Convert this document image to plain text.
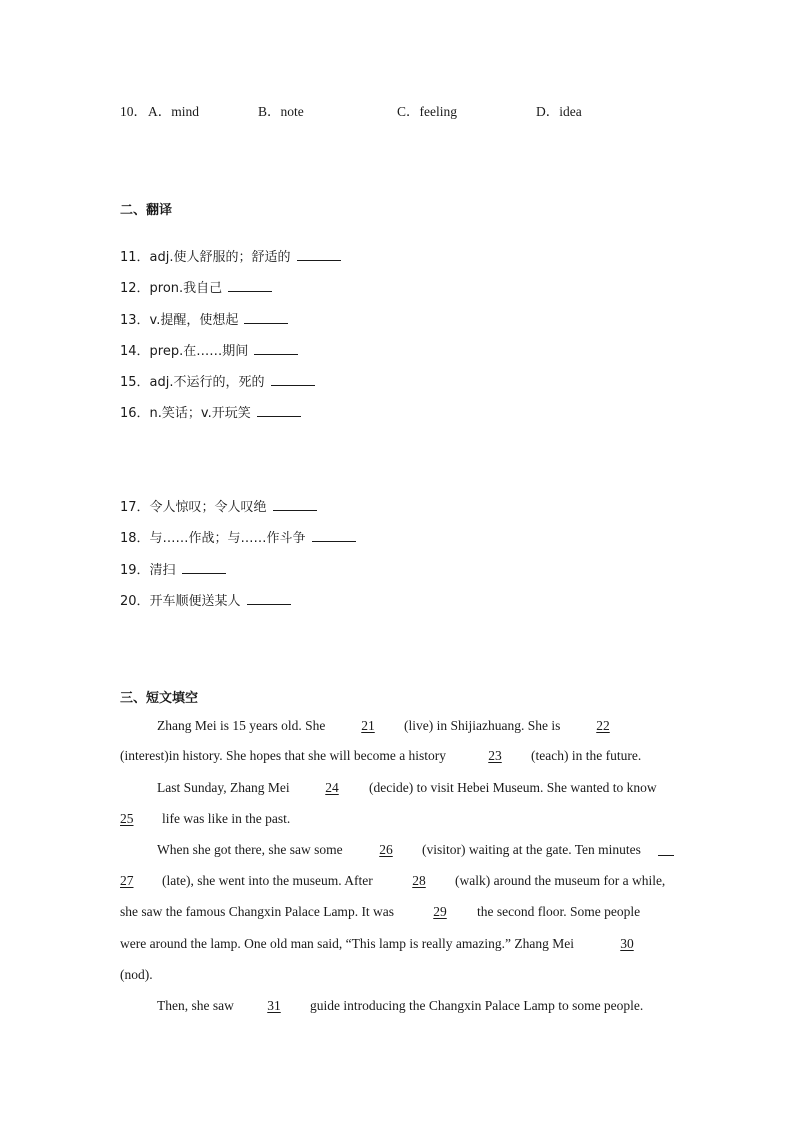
10． A．mind	B．note	C．feeling	D．idea
二、翻译
11．adj.使人舒服的；舒适的
12．pron.我自己
13．v.提醒，使想起
14．prep.在……期间
15．adj.不运行的，死的
16．n.笑话；v.开玩笑
17．令人惊叹；令人叹绝
18．与……作战；与……作斗争
19．清扫
20．开车顺便送某人
三、短文填空
Zhang Mei is 15 years old. She	21	(live) in Shijiazhuang. She is	22
(interest)in history. She hopes that she will become a history	23	(teach) in the future.
Last Sunday, Zhang Mei	24	(decide) to visit Hebei Museum. She wanted to know
25	life was like in the past.
When she got there, she saw some	26	(visitor) waiting at the gate. Ten minutes
27	(late), she went into the museum. After	28	(walk) around the museum for a while,
she saw the famous Changxin Palace Lamp. It was	29	the second floor. Some people
were around the lamp. One old man said, “This lamp is really amazing.” Zhang Mei	30
(nod).
Then, she saw	31	guide introducing the Changxin Palace Lamp to some people.
